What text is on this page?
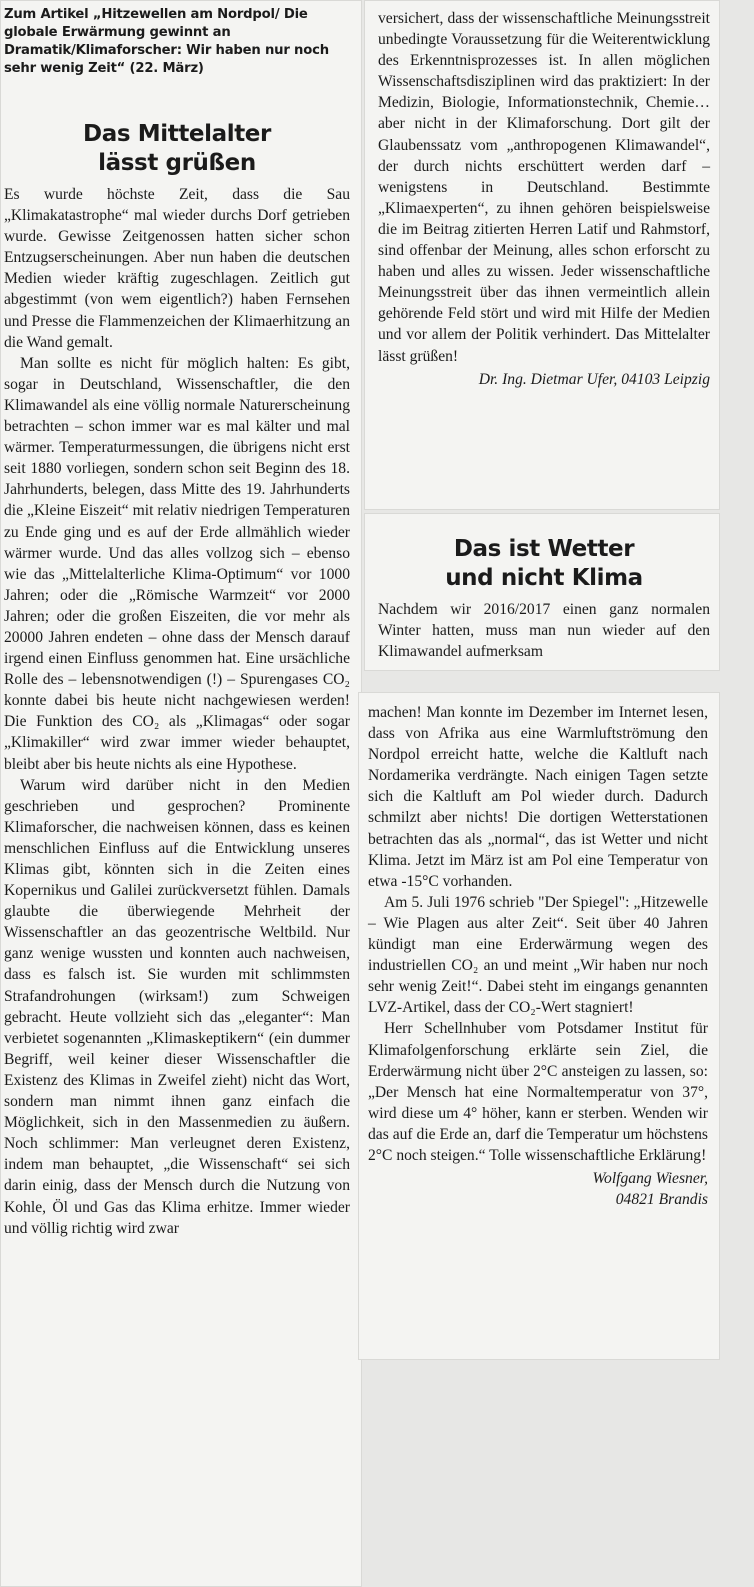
Zum Artikel „Hitzewellen am Nordpol/ Die globale Erwärmung gewinnt an Dramatik/Klimaforscher: Wir haben nur noch sehr wenig Zeit“ (22. März)

Das Mittelalter
lässt grüßen

Es wurde höchste Zeit, dass die Sau „Klimakatastrophe“ mal wieder durchs Dorf getrieben wurde. Gewisse Zeitgenossen hatten sicher schon Entzugserscheinungen. Aber nun haben die deutschen Medien wieder kräftig zugeschlagen. Zeitlich gut abgestimmt (von wem eigentlich?) haben Fernsehen und Presse die Flammenzeichen der Klimaerhitzung an die Wand gemalt.

Man sollte es nicht für möglich halten: Es gibt, sogar in Deutschland, Wissenschaftler, die den Klimawandel als eine völlig normale Naturerscheinung betrachten – schon immer war es mal kälter und mal wärmer. Temperaturmessungen, die übrigens nicht erst seit 1880 vorliegen, sondern schon seit Beginn des 18. Jahrhunderts, belegen, dass Mitte des 19. Jahrhunderts die „Kleine Eiszeit“ mit relativ niedrigen Temperaturen zu Ende ging und es auf der Erde allmählich wieder wärmer wurde. Und das alles vollzog sich – ebenso wie das „Mittelalterliche Klima-Optimum“ vor 1000 Jahren; oder die „Römische Warmzeit“ vor 2000 Jahren; oder die großen Eiszeiten, die vor mehr als 20000 Jahren endeten – ohne dass der Mensch darauf irgend einen Einfluss genommen hat. Eine ursächliche Rolle des – lebensnotwendigen (!) – Spurengases CO₂ konnte dabei bis heute nicht nachgewiesen werden! Die Funktion des CO₂ als „Klimagas“ oder sogar „Klimakiller“ wird zwar immer wieder behauptet, bleibt aber bis heute nichts als eine Hypothese.

Warum wird darüber nicht in den Medien geschrieben und gesprochen? Prominente Klimaforscher, die nachweisen können, dass es keinen menschlichen Einfluss auf die Entwicklung unseres Klimas gibt, könnten sich in die Zeiten eines Kopernikus und Galilei zurückversetzt fühlen. Damals glaubte die überwiegende Mehrheit der Wissenschaftler an das geozentrische Weltbild. Nur ganz wenige wussten und konnten auch nachweisen, dass es falsch ist. Sie wurden mit schlimmsten Strafandrohungen (wirksam!) zum Schweigen gebracht. Heute vollzieht sich das „eleganter“: Man verbietet sogenannten „Klimaskeptikern“ (ein dummer Begriff, weil keiner dieser Wissenschaftler die Existenz des Klimas in Zweifel zieht) nicht das Wort, sondern man nimmt ihnen ganz einfach die Möglichkeit, sich in den Massenmedien zu äußern. Noch schlimmer: Man verleugnet deren Existenz, indem man behauptet, „die Wissenschaft“ sei sich darin einig, dass der Mensch durch die Nutzung von Kohle, Öl und Gas das Klima erhitze. Immer wieder und völlig richtig wird zwar

versichert, dass der wissenschaftliche Meinungsstreit unbedingte Voraussetzung für die Weiterentwicklung des Erkenntnisprozesses ist. In allen möglichen Wissenschaftsdisziplinen wird das praktiziert: In der Medizin, Biologie, Informationstechnik, Chemie… aber nicht in der Klimaforschung. Dort gilt der Glaubenssatz vom „anthropogenen Klimawandel“, der durch nichts erschüttert werden darf – wenigstens in Deutschland. Bestimmte „Klimaexperten“, zu ihnen gehören beispielsweise die im Beitrag zitierten Herren Latif und Rahmstorf, sind offenbar der Meinung, alles schon erforscht zu haben und alles zu wissen. Jeder wissenschaftliche Meinungsstreit über das ihnen vermeintlich allein gehörende Feld stört und wird mit Hilfe der Medien und vor allem der Politik verhindert. Das Mittelalter lässt grüßen!

Dr. Ing. Dietmar Ufer, 04103 Leipzig

Das ist Wetter
und nicht Klima

Nachdem wir 2016/2017 einen ganz normalen Winter hatten, muss man nun wieder auf den Klimawandel aufmerksam

machen! Man konnte im Dezember im Internet lesen, dass von Afrika aus eine Warmluftströmung den Nordpol erreicht hatte, welche die Kaltluft nach Nordamerika verdrängte. Nach einigen Tagen setzte sich die Kaltluft am Pol wieder durch. Dadurch schmilzt aber nichts! Die dortigen Wetterstationen betrachten das als „normal“, das ist Wetter und nicht Klima. Jetzt im März ist am Pol eine Temperatur von etwa -15°C vorhanden.

Am 5. Juli 1976 schrieb "Der Spiegel": „Hitzewelle – Wie Plagen aus alter Zeit“. Seit über 40 Jahren kündigt man eine Erderwärmung wegen des industriellen CO₂ an und meint „Wir haben nur noch sehr wenig Zeit!“. Dabei steht im eingangs genannten LVZ-Artikel, dass der CO₂-Wert stagniert!

Herr Schellnhuber vom Potsdamer Institut für Klimafolgenforschung erklärte sein Ziel, die Erderwärmung nicht über 2°C ansteigen zu lassen, so: „Der Mensch hat eine Normaltemperatur von 37°, wird diese um 4° höher, kann er sterben. Wenden wir das auf die Erde an, darf die Temperatur um höchstens 2°C noch steigen.“ Tolle wissenschaftliche Erklärung!

Wolfgang Wiesner,
04821 Brandis
